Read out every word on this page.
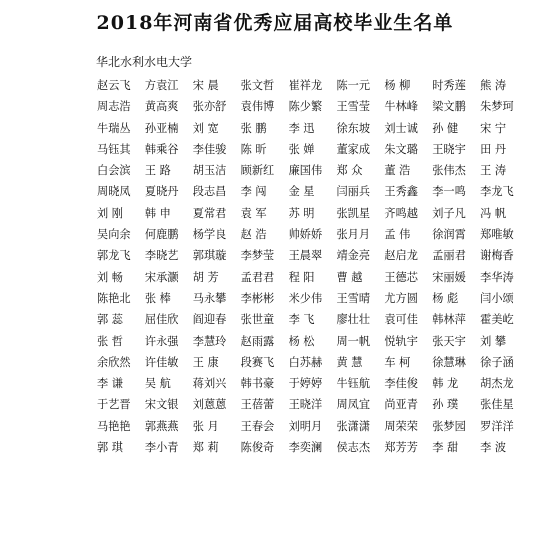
2018年河南省优秀应届高校毕业生名单
华北水利水电大学
赵云飞 方袁江 宋 晨 张文哲 崔祥龙 陈一元 杨 柳 时秀莲 熊 涛
周志浩 黄高爽 张亦舒 袁伟博 陈少繁 王雪莹 牛林峰 梁文鹏 朱梦珂
牛瑞丛 孙亚楠 刘 宽 张 鹏 李 迅 徐东坡 刘士诚 孙 健 宋 宁
马钰其 韩乘谷 李佳骏 陈 昕 张 婵 董家成 朱文璐 王晓宇 田 丹
白会滨 王 路 胡玉洁 顾新红 廉国伟 郑 众 董 浩 张伟杰 王 涛
周晓凤 夏晓丹 段志昌 李 闯 金 星 闫丽兵 王秀鑫 李一鸣 李龙飞
刘 刚 韩 申 夏常君 袁 军 苏 明 张凯星 齐鸣越 刘子凡 冯 帆
吴向余 何鹿鹏 杨学良 赵 浩 帅娇娇 张月月 孟 伟 徐润霄 郑唯敏
郭龙飞 李晓艺 郭琪璇 李梦莹 王晨翠 靖金亮 赵启龙 孟丽君 谢梅香
刘 畅 宋承灏 胡 芳 孟君君 程 阳 曹 越 王德芯 宋丽媛 李华涛
陈艳北 张 棒 马永攀 李彬彬 米少伟 王雪晴 尤方圆 杨 彪 闫小颂
郭 蕊 屈佳欣 阎迎春 张世童 李 飞 廖壮壮 袁可佳 韩林萍 霍美屹
张 哲 许永强 李慧玲 赵雨露 杨 松 周一帆 悦轨宇 张天宇 刘 攀
余欣然 许佳敏 王 康 段赛飞 白苏赫 黄 慧 车 柯 徐慧琳 徐子涵
李 谦 吴 航 蒋刘兴 韩书豪 于婷婷 牛钰航 李佳俊 韩 龙 胡杰龙
于艺晋 宋文银 刘蒽蒽 王蓓蕾 王晓洋 周凤宜 尚亚青 孙 璞 张佳星
马艳艳 郭燕燕 张 月 王春会 刘明月 张潇潇 周荣荣 张梦园 罗洋洋
郭 琪 李小青 郑 莉 陈俊奇 李奕澜 侯志杰 郑芳芳 李 甜 李 波
